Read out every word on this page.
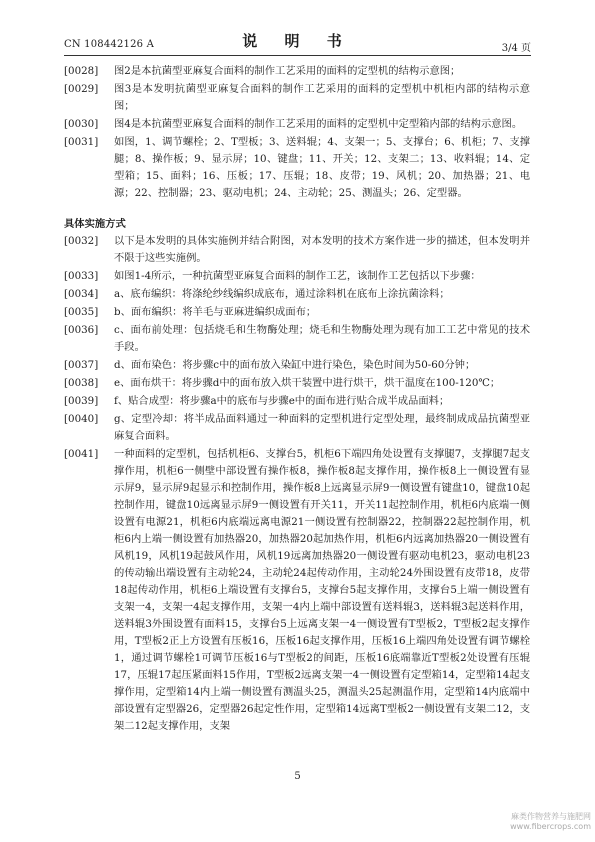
CN 108442126 A	说 明 书	3/4 页
[0028]	图2是本抗菌型亚麻复合面料的制作工艺采用的面料的定型机的结构示意图；
[0029]	图3是本发明抗菌型亚麻复合面料的制作工艺采用的面料的定型机中机柜内部的结构示意图；
[0030]	图4是本抗菌型亚麻复合面料的制作工艺采用的面料的定型机中定型箱内部的结构示意图。
[0031]	如图，1、调节螺栓；2、T型板；3、送料辊；4、支架一；5、支撑台；6、机柜；7、支撑腿；8、操作板；9、显示屏；10、键盘；11、开关；12、支架二；13、收料辊；14、定型箱；15、面料；16、压板；17、压辊；18、皮带；19、风机；20、加热器；21、电源；22、控制器；23、驱动电机；24、主动轮；25、测温头；26、定型器。
具体实施方式
[0032]	以下是本发明的具体实施例并结合附图，对本发明的技术方案作进一步的描述，但本发明并不限于这些实施例。
[0033]	如图1-4所示，一种抗菌型亚麻复合面料的制作工艺，该制作工艺包括以下步骤：
[0034]	a、底布编织：将涤纶纱线编织成底布，通过涂料机在底布上涂抗菌涂料；
[0035]	b、面布编织：将羊毛与亚麻进编织成面布；
[0036]	c、面布前处理：包括烧毛和生物酶处理；烧毛和生物酶处理为现有加工工艺中常见的技术手段。
[0037]	d、面布染色：将步骤c中的面布放入染缸中进行染色，染色时间为50-60分钟；
[0038]	e、面布烘干：将步骤d中的面布放入烘干装置中进行烘干，烘干温度在100-120℃；
[0039]	f、贴合成型：将步骤a中的底布与步骤e中的面布进行贴合成半成品面料；
[0040]	g、定型冷却：将半成品面料通过一种面料的定型机进行定型处理，最终制成成品抗菌型亚麻复合面料。
[0041]	一种面料的定型机，包括机柜6、支撑台5，机柜6下端四角处设置有支撑腿7，支撑腿7起支撑作用，机柜6一侧壁中部设置有操作板8，操作板8起支撑作用，操作板8上一侧设置有显示屏9，显示屏9起显示和控制作用，操作板8上远离显示屏9一侧设置有键盘10，键盘10起控制作用，键盘10远离显示屏9一侧设置有开关11，开关11起控制作用，机柜6内底端一侧设置有电源21，机柜6内底端远离电源21一侧设置有控制器22，控制器22起控制作用，机柜6内上端一侧设置有加热器20，加热器20起加热作用，机柜6内远离加热器20一侧设置有风机19，风机19起鼓风作用，风机19远离加热器20一侧设置有驱动电机23，驱动电机23的传动输出端设置有主动轮24，主动轮24起传动作用，主动轮24外围设置有皮带18，皮带18起传动作用，机柜6上端设置有支撑台5，支撑台5起支撑作用，支撑台5上端一侧设置有支架一4，支架一4起支撑作用，支架一4内上端中部设置有送料辊3，送料辊3起送料作用，送料辊3外围设置有面料15，支撑台5上远离支架一4一侧设置有T型板2，T型板2起支撑作用，T型板2正上方设置有压板16，压板16起支撑作用，压板16上端四角处设置有调节螺栓1，通过调节螺栓1可调节压板16与T型板2的间距，压板16底端靠近T型板2处设置有压辊17，压辊17起压紧面料15作用，T型板2远离支架一4一侧设置有定型箱14，定型箱14起支撑作用，定型箱14内上端一侧设置有测温头25，测温头25起测温作用，定型箱14内底端中部设置有定型器26，定型器26起定性作用，定型箱14远离T型板2一侧设置有支架二12，支架二12起支撑作用，支架
5
麻类作物营养与施肥网
www.fibercrops.com
